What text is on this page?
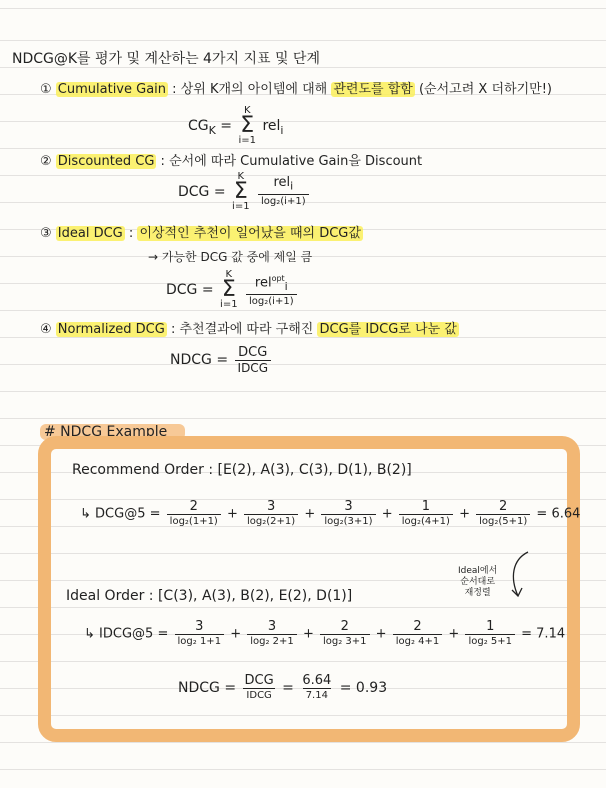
NDCG@K를 평가 및 계산하는 4가지 지표 및 단계
① Cumulative Gain : 상위 K개의 아이템에 대해 관련도를 합함 (순서고려 X 더하기만!)
$CG_K$ =
K
Σ
i=1
rel$_i$
② Discounted CG : 순서에 따라 Cumulative Gain을 Discount
DCG =
K
Σ
i=1
$\frac{rel_i}{\text{log₂(i+1)}}$
③ Ideal DCG : 이상적인 추천이 일어났을 때의 DCG값
→ 가능한 DCG 값 중에 제일 큼
DCG =
K
Σ
i=1
$\frac{rel^{opt}_i}{\text{log₂(i+1)}}$
④ Normalized DCG : 추천결과에 따라 구해진 DCG를 IDCG로 나눈 값
NDCG = $\frac{\text{DCG}}{\text{IDCG}}$
# NDCG Example
Recommend Order : [E(2), A(3), C(3), D(1), B(2)]
↳ DCG@5 = $\frac{2}{\text{log₂(1+1)}} + \frac{3}{\text{log₂(2+1)}} + \frac{3}{\text{log₂(3+1)}} + \frac{1}{\text{log₂(4+1)}} + \frac{2}{\text{log₂(5+1)}} = 6.64$
Ideal에서
순서대로
재정렬
Ideal Order : [C(3), A(3), B(2), E(2), D(1)]
↳ IDCG@5 = $\frac{3}{\text{log₂ 1+1}} + \frac{3}{\text{log₂ 2+1}} + \frac{2}{\text{log₂ 3+1}} + \frac{2}{\text{log₂ 4+1}} + \frac{1}{\text{log₂ 5+1}} = 7.14$
NDCG = $\frac{\text{DCG}}{\text{IDCG}} = \frac{6.64}{7.14} = 0.93$
